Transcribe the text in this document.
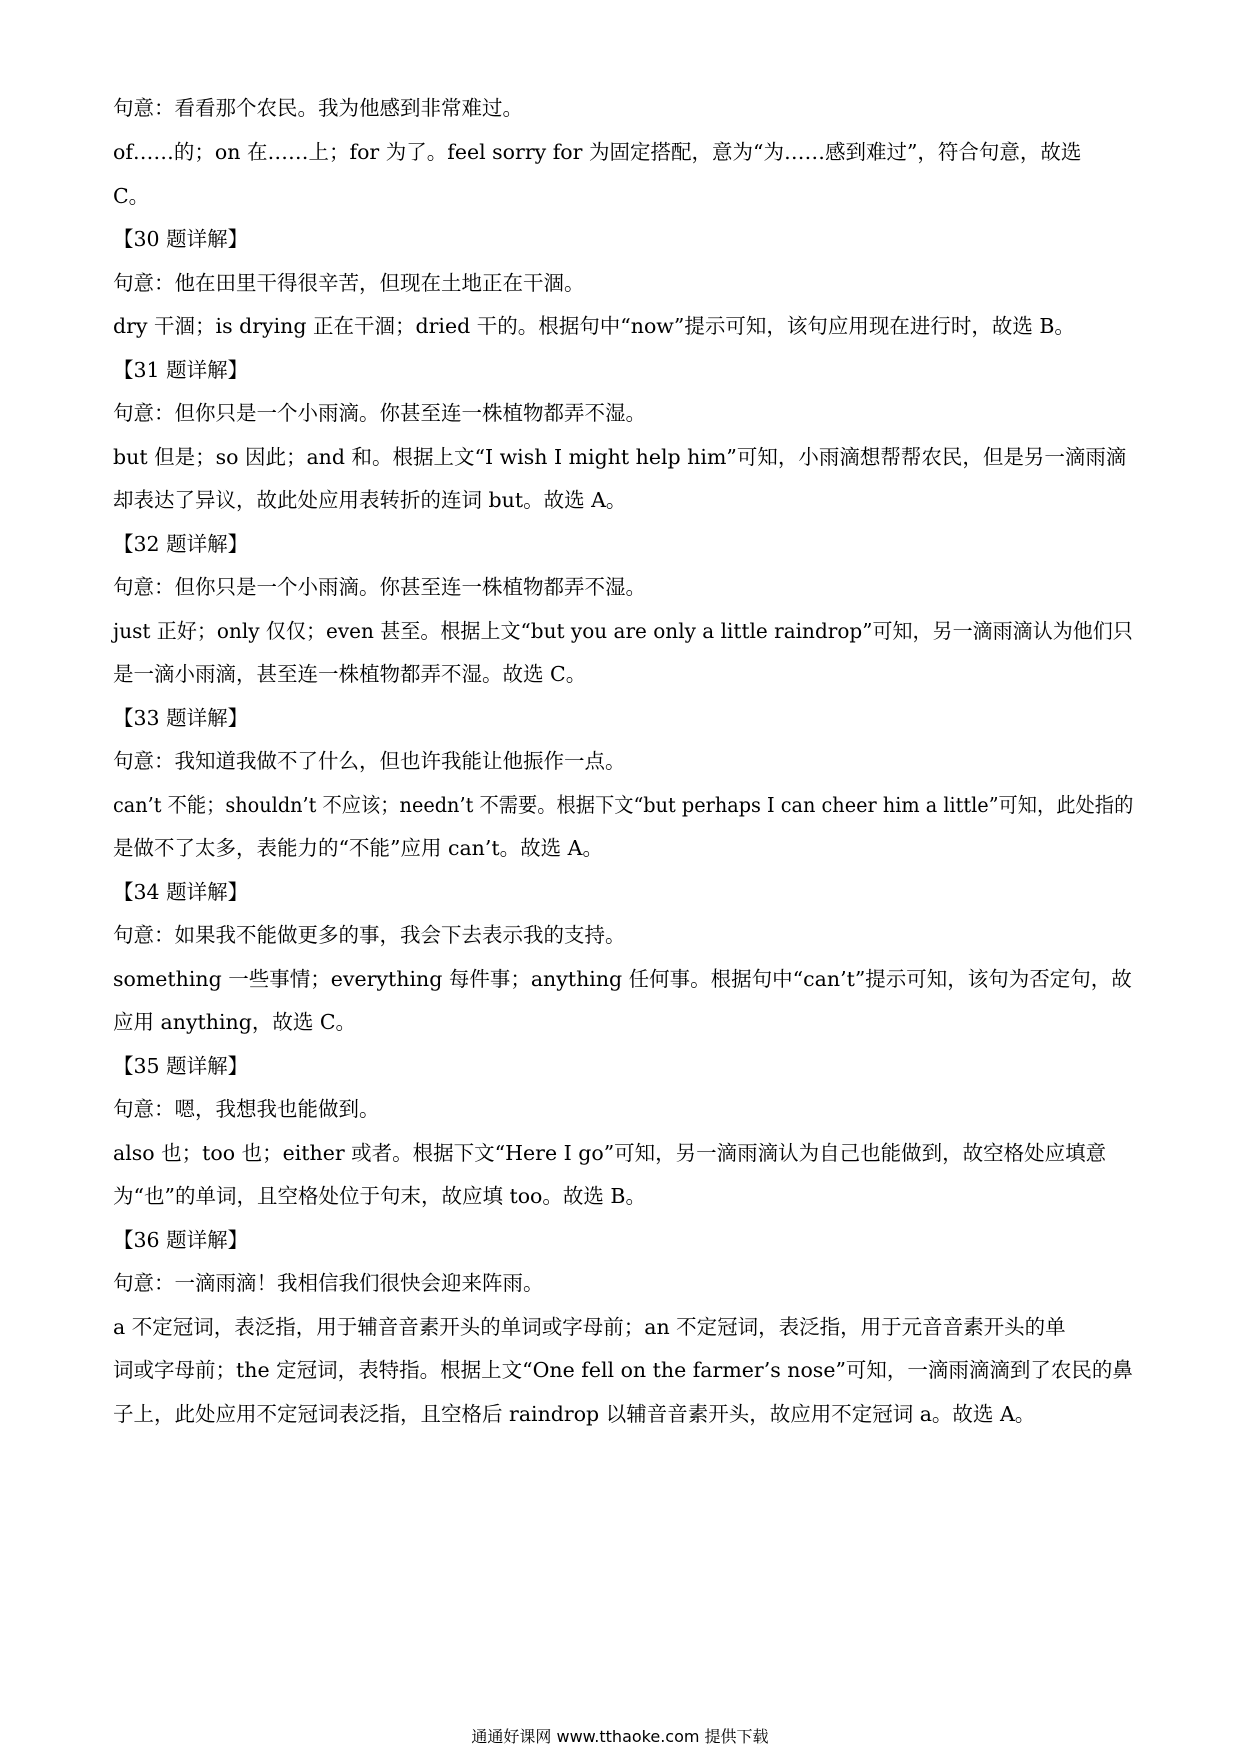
句意：看看那个农民。我为他感到非常难过。
of……的；on 在……上；for 为了。feel sorry for 为固定搭配，意为“为……感到难过”，符合句意，故选
C。
【30 题详解】
句意：他在田里干得很辛苦，但现在土地正在干涸。
dry 干涸；is drying 正在干涸；dried 干的。根据句中“now”提示可知，该句应用现在进行时，故选 B。
【31 题详解】
句意：但你只是一个小雨滴。你甚至连一株植物都弄不湿。
but 但是；so 因此；and 和。根据上文“I wish I might help him”可知，小雨滴想帮帮农民，但是另一滴雨滴
却表达了异议，故此处应用表转折的连词 but。故选 A。
【32 题详解】
句意：但你只是一个小雨滴。你甚至连一株植物都弄不湿。
just 正好；only 仅仅；even 甚至。根据上文“but you are only a little raindrop”可知，另一滴雨滴认为他们只
是一滴小雨滴，甚至连一株植物都弄不湿。故选 C。
【33 题详解】
句意：我知道我做不了什么，但也许我能让他振作一点。
can’t 不能；shouldn’t 不应该；needn’t 不需要。根据下文“but perhaps I can cheer him a little”可知，此处指的
是做不了太多，表能力的“不能”应用 can’t。故选 A。
【34 题详解】
句意：如果我不能做更多的事，我会下去表示我的支持。
something 一些事情；everything 每件事；anything 任何事。根据句中“can’t”提示可知，该句为否定句，故
应用 anything，故选 C。
【35 题详解】
句意：嗯，我想我也能做到。
also 也；too 也；either 或者。根据下文“Here I go”可知，另一滴雨滴认为自己也能做到，故空格处应填意
为“也”的单词，且空格处位于句末，故应填 too。故选 B。
【36 题详解】
句意：一滴雨滴！我相信我们很快会迎来阵雨。
a 不定冠词，表泛指，用于辅音音素开头的单词或字母前；an 不定冠词，表泛指，用于元音音素开头的单
词或字母前；the 定冠词，表特指。根据上文“One fell on the farmer’s nose”可知，一滴雨滴滴到了农民的鼻
子上，此处应用不定冠词表泛指，且空格后 raindrop 以辅音音素开头，故应用不定冠词 a。故选 A。
通通好课网 www.tthaoke.com 提供下载
